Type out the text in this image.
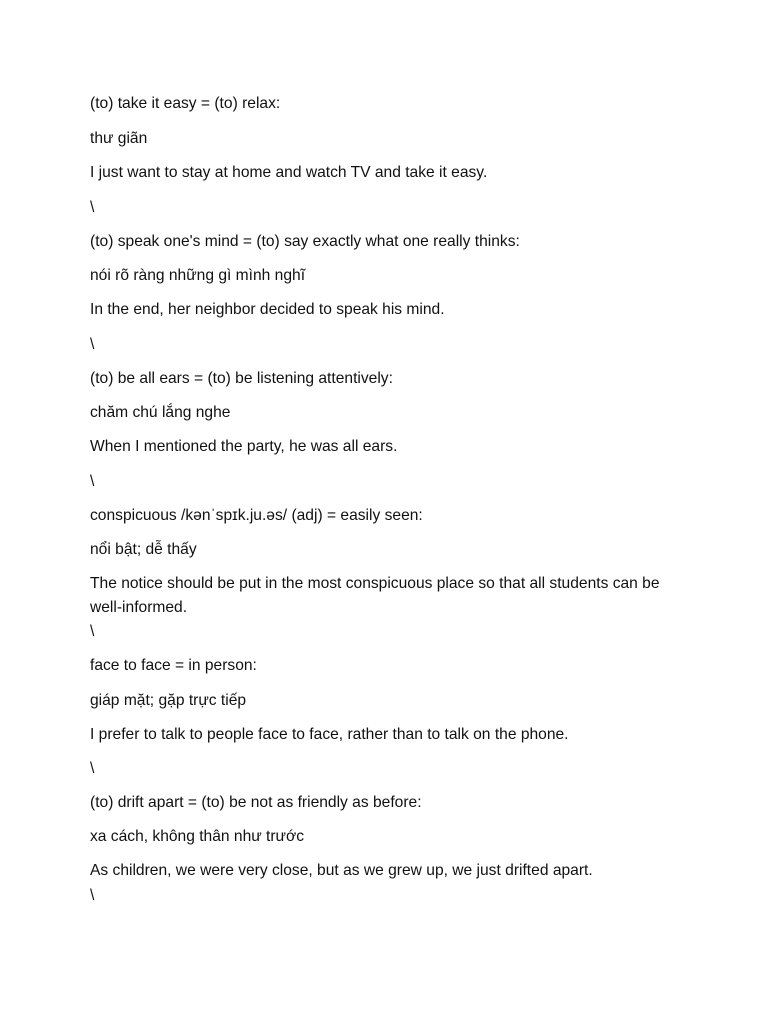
(to) take it easy = (to) relax:

thư giãn

I just want to stay at home and watch TV and take it easy.

\

(to) speak one's mind = (to) say exactly what one really thinks:

nói rõ ràng những gì mình nghĩ

In the end, her neighbor decided to speak his mind.

\

(to) be all ears = (to) be listening attentively:

chăm chú lắng nghe

When I mentioned the party, he was all ears.

\

conspicuous /kənˈspɪk.ju.əs/ (adj) = easily seen:

nổi bật; dễ thấy

The notice should be put in the most conspicuous place so that all students can be well-informed.

\

face to face = in person:

giáp mặt; gặp trực tiếp

I prefer to talk to people face to face, rather than to talk on the phone.

\

(to) drift apart = (to) be not as friendly as before:

xa cách, không thân như trước

As children, we were very close, but as we grew up, we just drifted apart.

\
